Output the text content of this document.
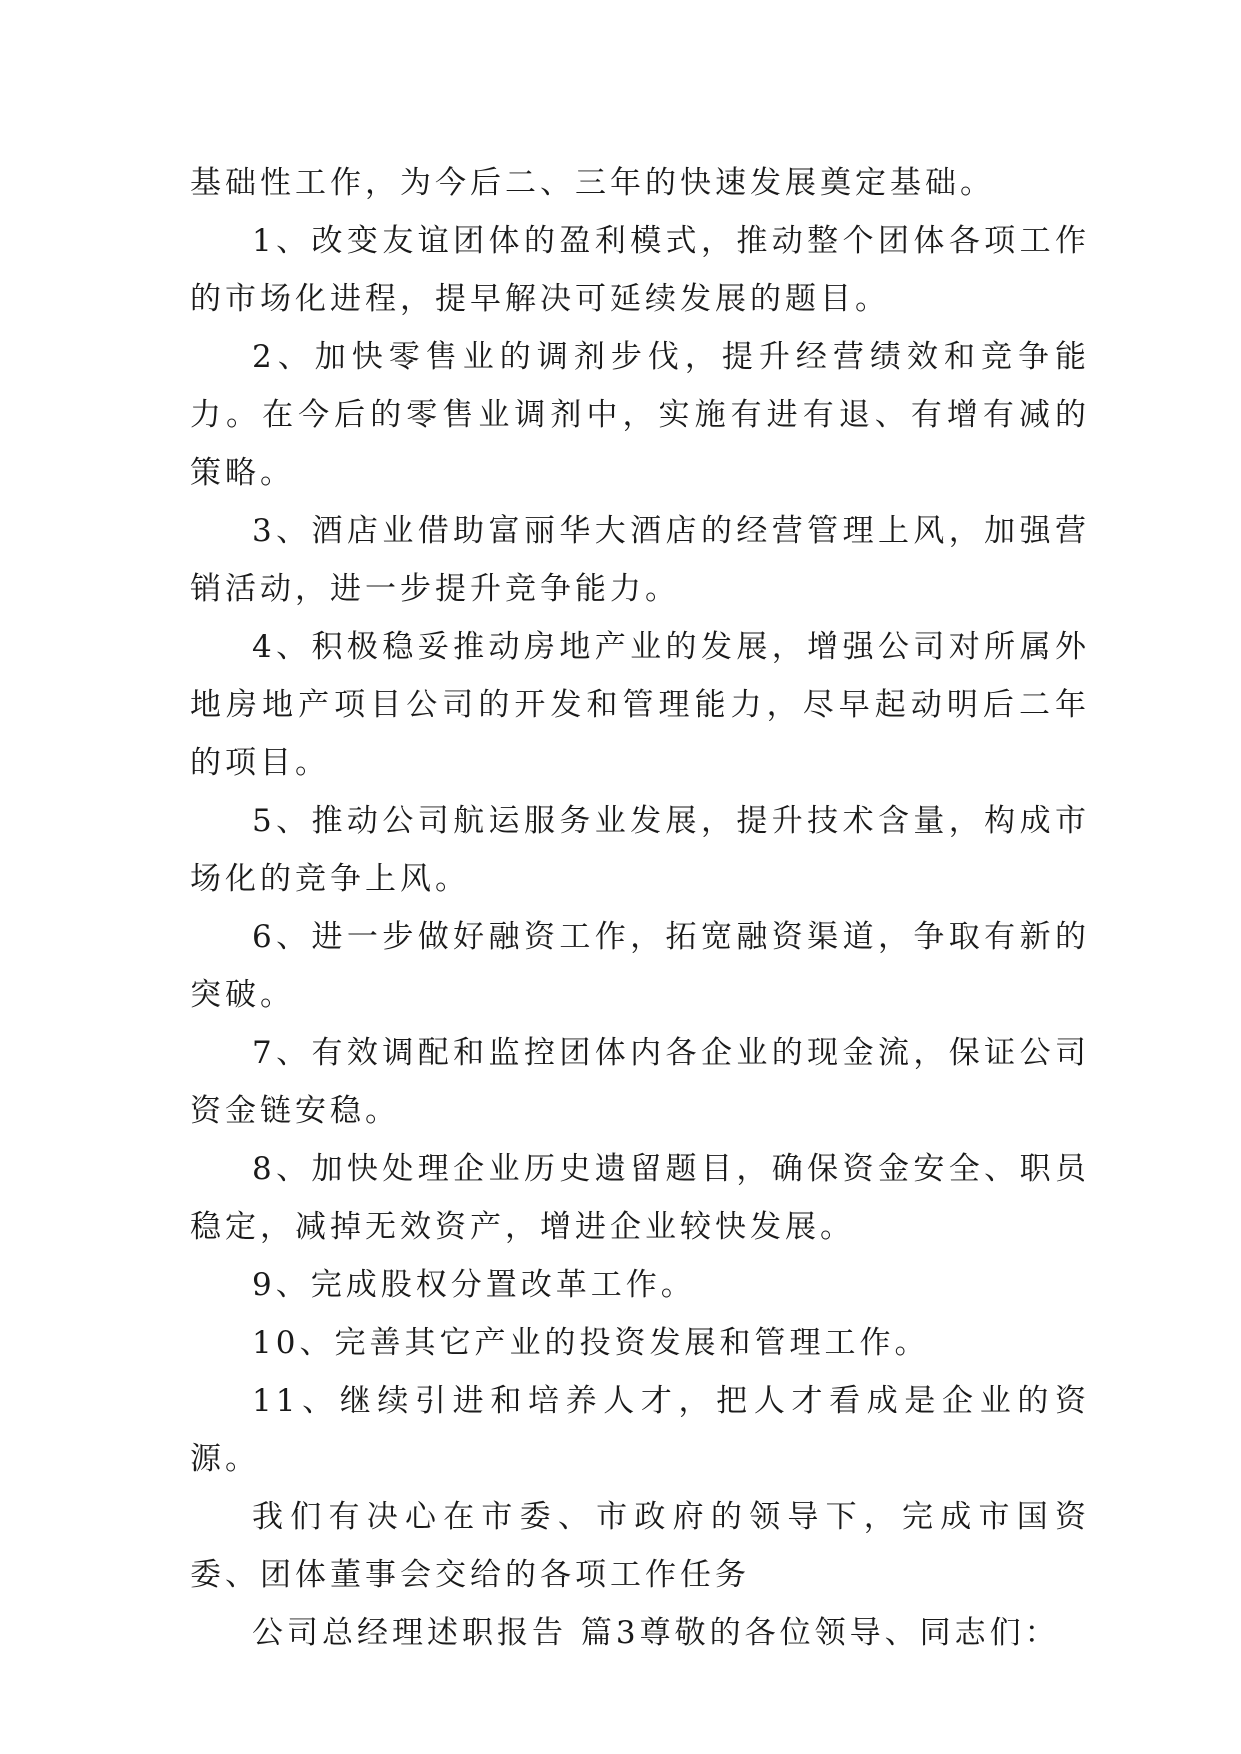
基础性工作，为今后二、三年的快速发展奠定基础。

1、改变友谊团体的盈利模式，推动整个团体各项工作的市场化进程，提早解决可延续发展的题目。

2、加快零售业的调剂步伐，提升经营绩效和竞争能力。在今后的零售业调剂中，实施有进有退、有增有减的策略。

3、酒店业借助富丽华大酒店的经营管理上风，加强营销活动，进一步提升竞争能力。

4、积极稳妥推动房地产业的发展，增强公司对所属外地房地产项目公司的开发和管理能力，尽早起动明后二年的项目。

5、推动公司航运服务业发展，提升技术含量，构成市场化的竞争上风。

6、进一步做好融资工作，拓宽融资渠道，争取有新的突破。

7、有效调配和监控团体内各企业的现金流，保证公司资金链安稳。

8、加快处理企业历史遗留题目，确保资金安全、职员稳定，减掉无效资产，增进企业较快发展。

9、完成股权分置改革工作。

10、完善其它产业的投资发展和管理工作。

11、继续引进和培养人才，把人才看成是企业的资源。

我们有决心在市委、市政府的领导下，完成市国资委、团体董事会交给的各项工作任务

公司总经理述职报告 篇3尊敬的各位领导、同志们：
